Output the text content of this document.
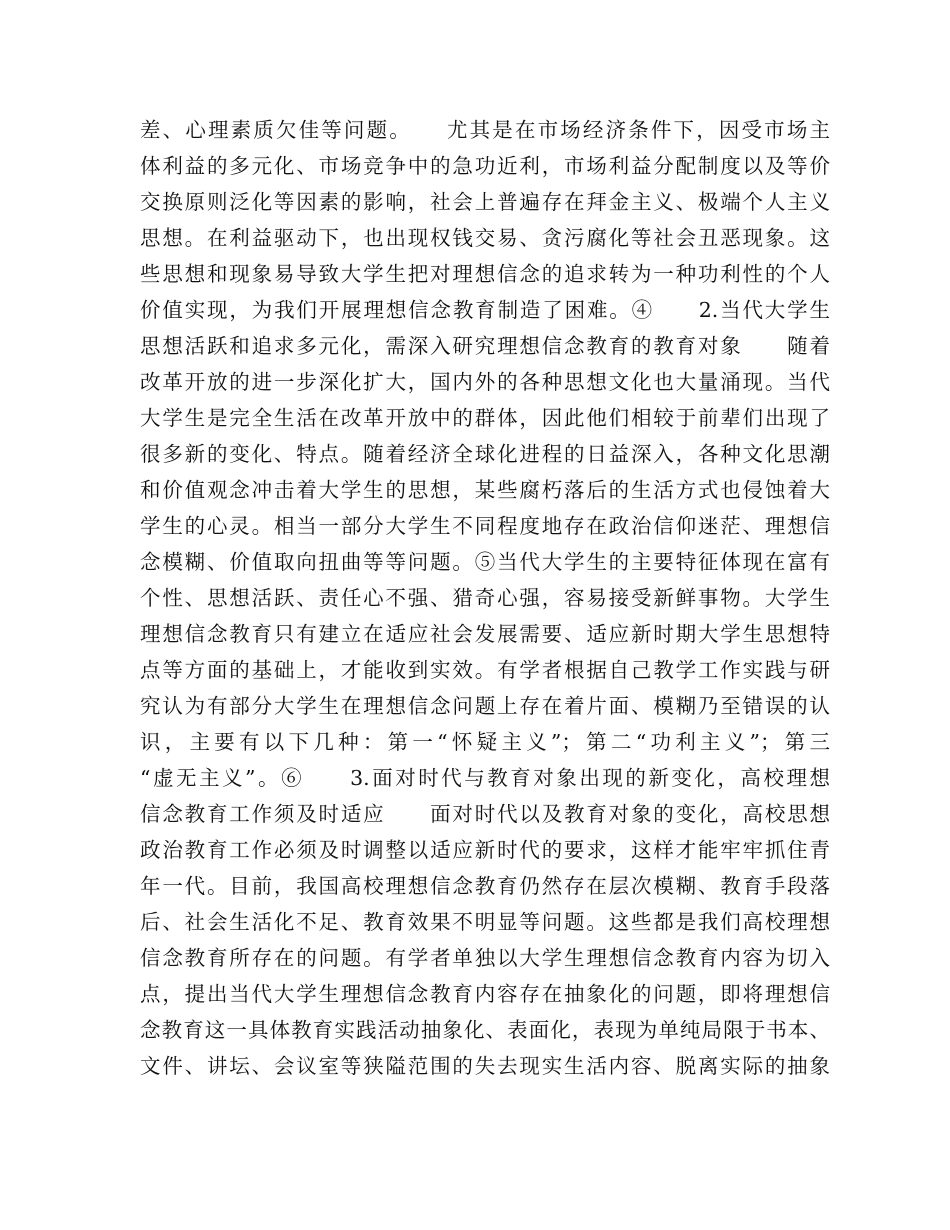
差、心理素质欠佳等问题。　　尤其是在市场经济条件下，因受市场主
体利益的多元化、市场竞争中的急功近利，市场利益分配制度以及等价
交换原则泛化等因素的影响，社会上普遍存在拜金主义、极端个人主义
思想。在利益驱动下，也出现权钱交易、贪污腐化等社会丑恶现象。这
些思想和现象易导致大学生把对理想信念的追求转为一种功利性的个人
价值实现，为我们开展理想信念教育制造了困难。④　　2.当代大学生
思想活跃和追求多元化，需深入研究理想信念教育的教育对象　　随着
改革开放的进一步深化扩大，国内外的各种思想文化也大量涌现。当代
大学生是完全生活在改革开放中的群体，因此他们相较于前辈们出现了
很多新的变化、特点。随着经济全球化进程的日益深入，各种文化思潮
和价值观念冲击着大学生的思想，某些腐朽落后的生活方式也侵蚀着大
学生的心灵。相当一部分大学生不同程度地存在政治信仰迷茫、理想信
念模糊、价值取向扭曲等等问题。⑤当代大学生的主要特征体现在富有
个性、思想活跃、责任心不强、猎奇心强，容易接受新鲜事物。大学生
理想信念教育只有建立在适应社会发展需要、适应新时期大学生思想特
点等方面的基础上，才能收到实效。有学者根据自己教学工作实践与研
究认为有部分大学生在理想信念问题上存在着片面、模糊乃至错误的认
识，主要有以下几种：第一“怀疑主义”；第二“功利主义”；第三
“虚无主义”。⑥　　3.面对时代与教育对象出现的新变化，高校理想
信念教育工作须及时适应　　面对时代以及教育对象的变化，高校思想
政治教育工作必须及时调整以适应新时代的要求，这样才能牢牢抓住青
年一代。目前，我国高校理想信念教育仍然存在层次模糊、教育手段落
后、社会生活化不足、教育效果不明显等问题。这些都是我们高校理想
信念教育所存在的问题。有学者单独以大学生理想信念教育内容为切入
点，提出当代大学生理想信念教育内容存在抽象化的问题，即将理想信
念教育这一具体教育实践活动抽象化、表面化，表现为单纯局限于书本、
文件、讲坛、会议室等狭隘范围的失去现实生活内容、脱离实际的抽象
